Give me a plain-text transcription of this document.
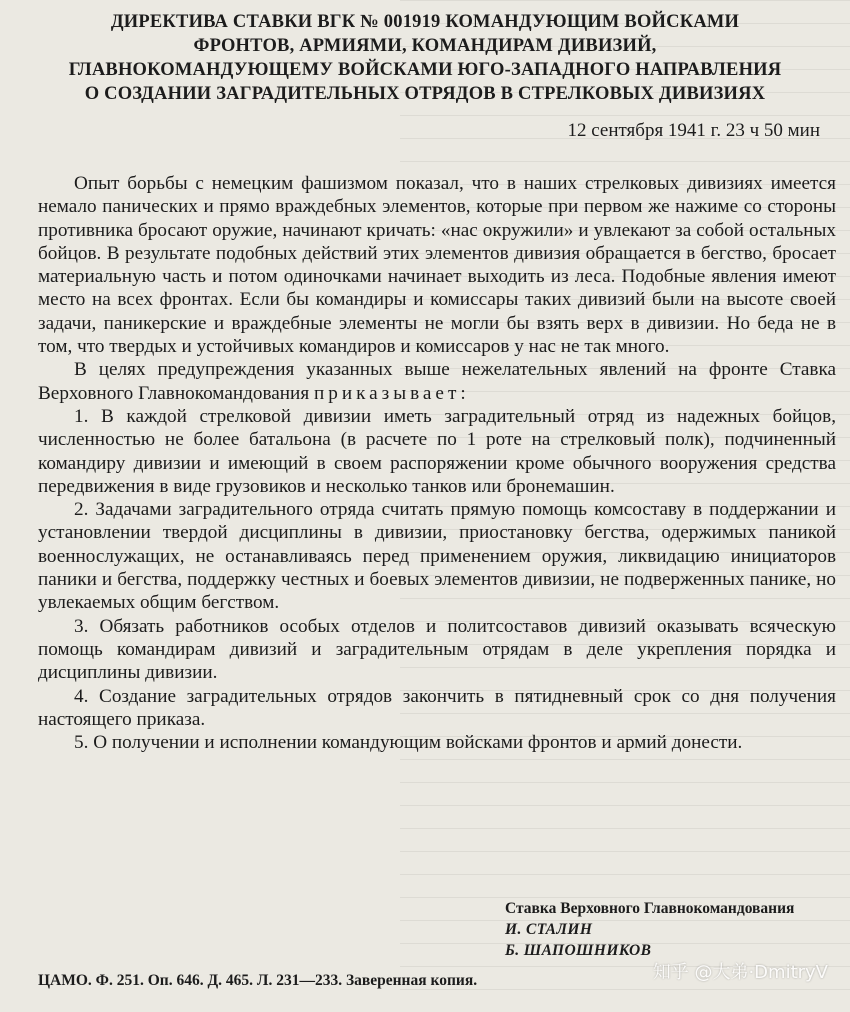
ДИРЕКТИВА СТАВКИ ВГК № 001919 КОМАНДУЮЩИМ ВОЙСКАМИ
ФРОНТОВ, АРМИЯМИ, КОМАНДИРАМ ДИВИЗИЙ,
ГЛАВНОКОМАНДУЮЩЕМУ ВОЙСКАМИ ЮГО-ЗАПАДНОГО НАПРАВЛЕНИЯ
О СОЗДАНИИ ЗАГРАДИТЕЛЬНЫХ ОТРЯДОВ В СТРЕЛКОВЫХ ДИВИЗИЯХ
12 сентября 1941 г. 23 ч 50 мин

Опыт борьбы с немецким фашизмом показал, что в наших стрелковых дивизиях имеется немало панических и прямо враждебных элементов, которые при первом же нажиме со стороны противника бросают оружие, начинают кричать: «нас окружили» и увлекают за собой остальных бойцов. В результате подобных действий этих элементов дивизия обращается в бегство, бросает материальную часть и потом одиночками начинает выходить из леса. Подобные явления имеют место на всех фронтах. Если бы командиры и комиссары таких дивизий были на высоте своей задачи, паникерские и враждебные элементы не могли бы взять верх в дивизии. Но беда не в том, что твердых и устойчивых командиров и комиссаров у нас не так много.

В целях предупреждения указанных выше нежелательных явлений на фронте Ставка Верховного Главнокомандования приказывает:

1. В каждой стрелковой дивизии иметь заградительный отряд из надежных бойцов, численностью не более батальона (в расчете по 1 роте на стрелковый полк), подчиненный командиру дивизии и имеющий в своем распоряжении кроме обычного вооружения средства передвижения в виде грузовиков и несколько танков или бронемашин.

2. Задачами заградительного отряда считать прямую помощь комсоставу в поддержании и установлении твердой дисциплины в дивизии, приостановку бегства, одержимых паникой военнослужащих, не останавливаясь перед применением оружия, ликвидацию инициаторов паники и бегства, поддержку честных и боевых элементов дивизии, не подверженных панике, но увлекаемых общим бегством.

3. Обязать работников особых отделов и политсоставов дивизий оказывать всяческую помощь командирам дивизий и заградительным отрядам в деле укрепления порядка и дисциплины дивизии.

4. Создание заградительных отрядов закончить в пятидневный срок со дня получения настоящего приказа.

5. О получении и исполнении командующим войсками фронтов и армий донести.

Ставка Верховного Главнокомандования
И. СТАЛИН
Б. ШАПОШНИКОВ
ЦАМО. Ф. 251. Оп. 646. Д. 465. Л. 231—233. Заверенная копия.	知乎 @大弟·DmitryV
